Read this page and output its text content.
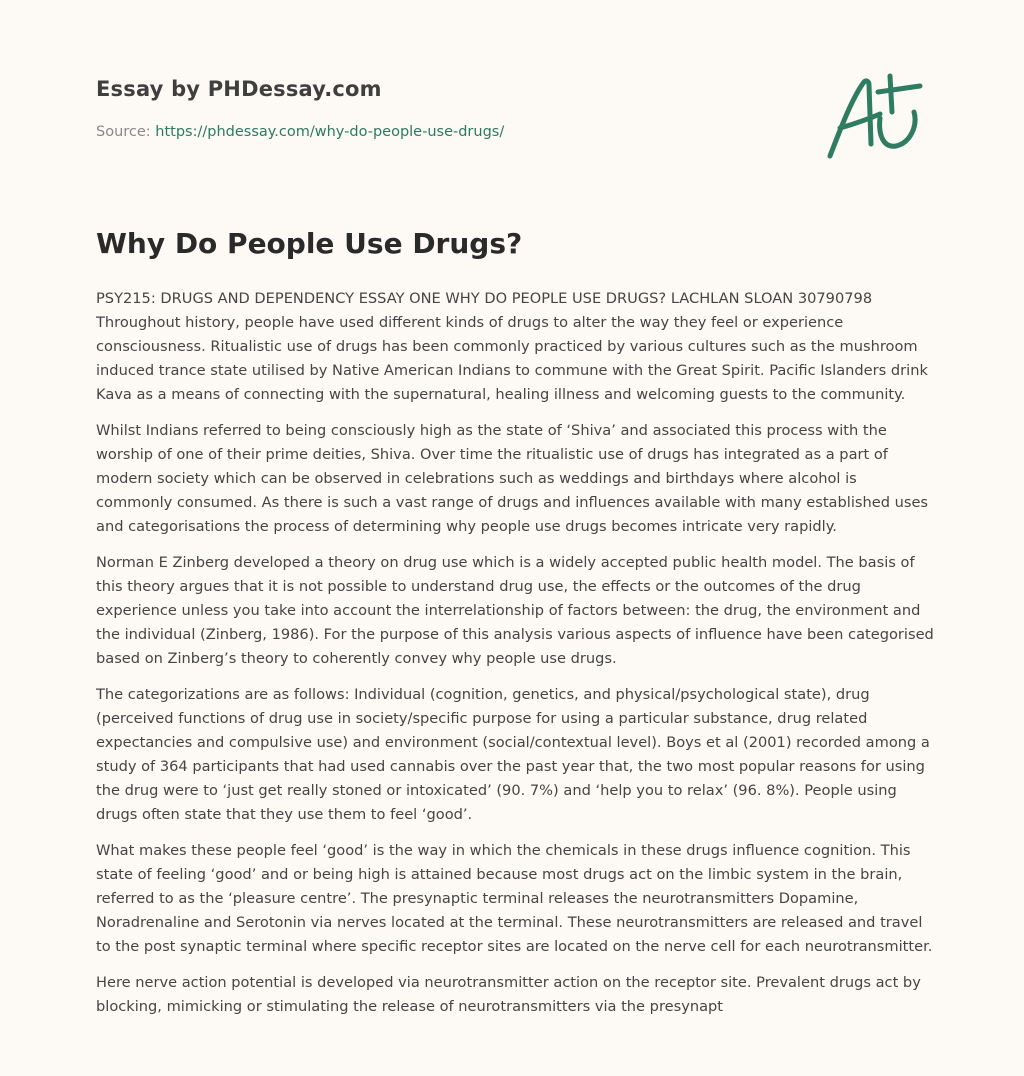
Essay by PHDessay.com
Source: https://phdessay.com/why-do-people-use-drugs/
Why Do People Use Drugs?

PSY215: DRUGS AND DEPENDENCY ESSAY ONE WHY DO PEOPLE USE DRUGS? LACHLAN SLOAN 30790798 Throughout history, people have used different kinds of drugs to alter the way they feel or experience consciousness. Ritualistic use of drugs has been commonly practiced by various cultures such as the mushroom induced trance state utilised by Native American Indians to commune with the Great Spirit. Pacific Islanders drink Kava as a means of connecting with the supernatural, healing illness and welcoming guests to the community.

Whilst Indians referred to being consciously high as the state of ‘Shiva’ and associated this process with the worship of one of their prime deities, Shiva. Over time the ritualistic use of drugs has integrated as a part of modern society which can be observed in celebrations such as weddings and birthdays where alcohol is commonly consumed. As there is such a vast range of drugs and influences available with many established uses and categorisations the process of determining why people use drugs becomes intricate very rapidly.

Norman E Zinberg developed a theory on drug use which is a widely accepted public health model. The basis of this theory argues that it is not possible to understand drug use, the effects or the outcomes of the drug experience unless you take into account the interrelationship of factors between: the drug, the environment and the individual (Zinberg, 1986). For the purpose of this analysis various aspects of influence have been categorised based on Zinberg’s theory to coherently convey why people use drugs.

The categorizations are as follows: Individual (cognition, genetics, and physical/psychological state), drug (perceived functions of drug use in society/specific purpose for using a particular substance, drug related expectancies and compulsive use) and environment (social/contextual level). Boys et al (2001) recorded among a study of 364 participants that had used cannabis over the past year that, the two most popular reasons for using the drug were to ‘just get really stoned or intoxicated’ (90. 7%) and ‘help you to relax’ (96. 8%). People using drugs often state that they use them to feel ‘good’.

What makes these people feel ‘good’ is the way in which the chemicals in these drugs influence cognition. This state of feeling ‘good’ and or being high is attained because most drugs act on the limbic system in the brain, referred to as the ‘pleasure centre’. The presynaptic terminal releases the neurotransmitters Dopamine, Noradrenaline and Serotonin via nerves located at the terminal. These neurotransmitters are released and travel to the post synaptic terminal where specific receptor sites are located on the nerve cell for each neurotransmitter.

Here nerve action potential is developed via neurotransmitter action on the receptor site. Prevalent drugs act by blocking, mimicking or stimulating the release of neurotransmitters via the presynapt
